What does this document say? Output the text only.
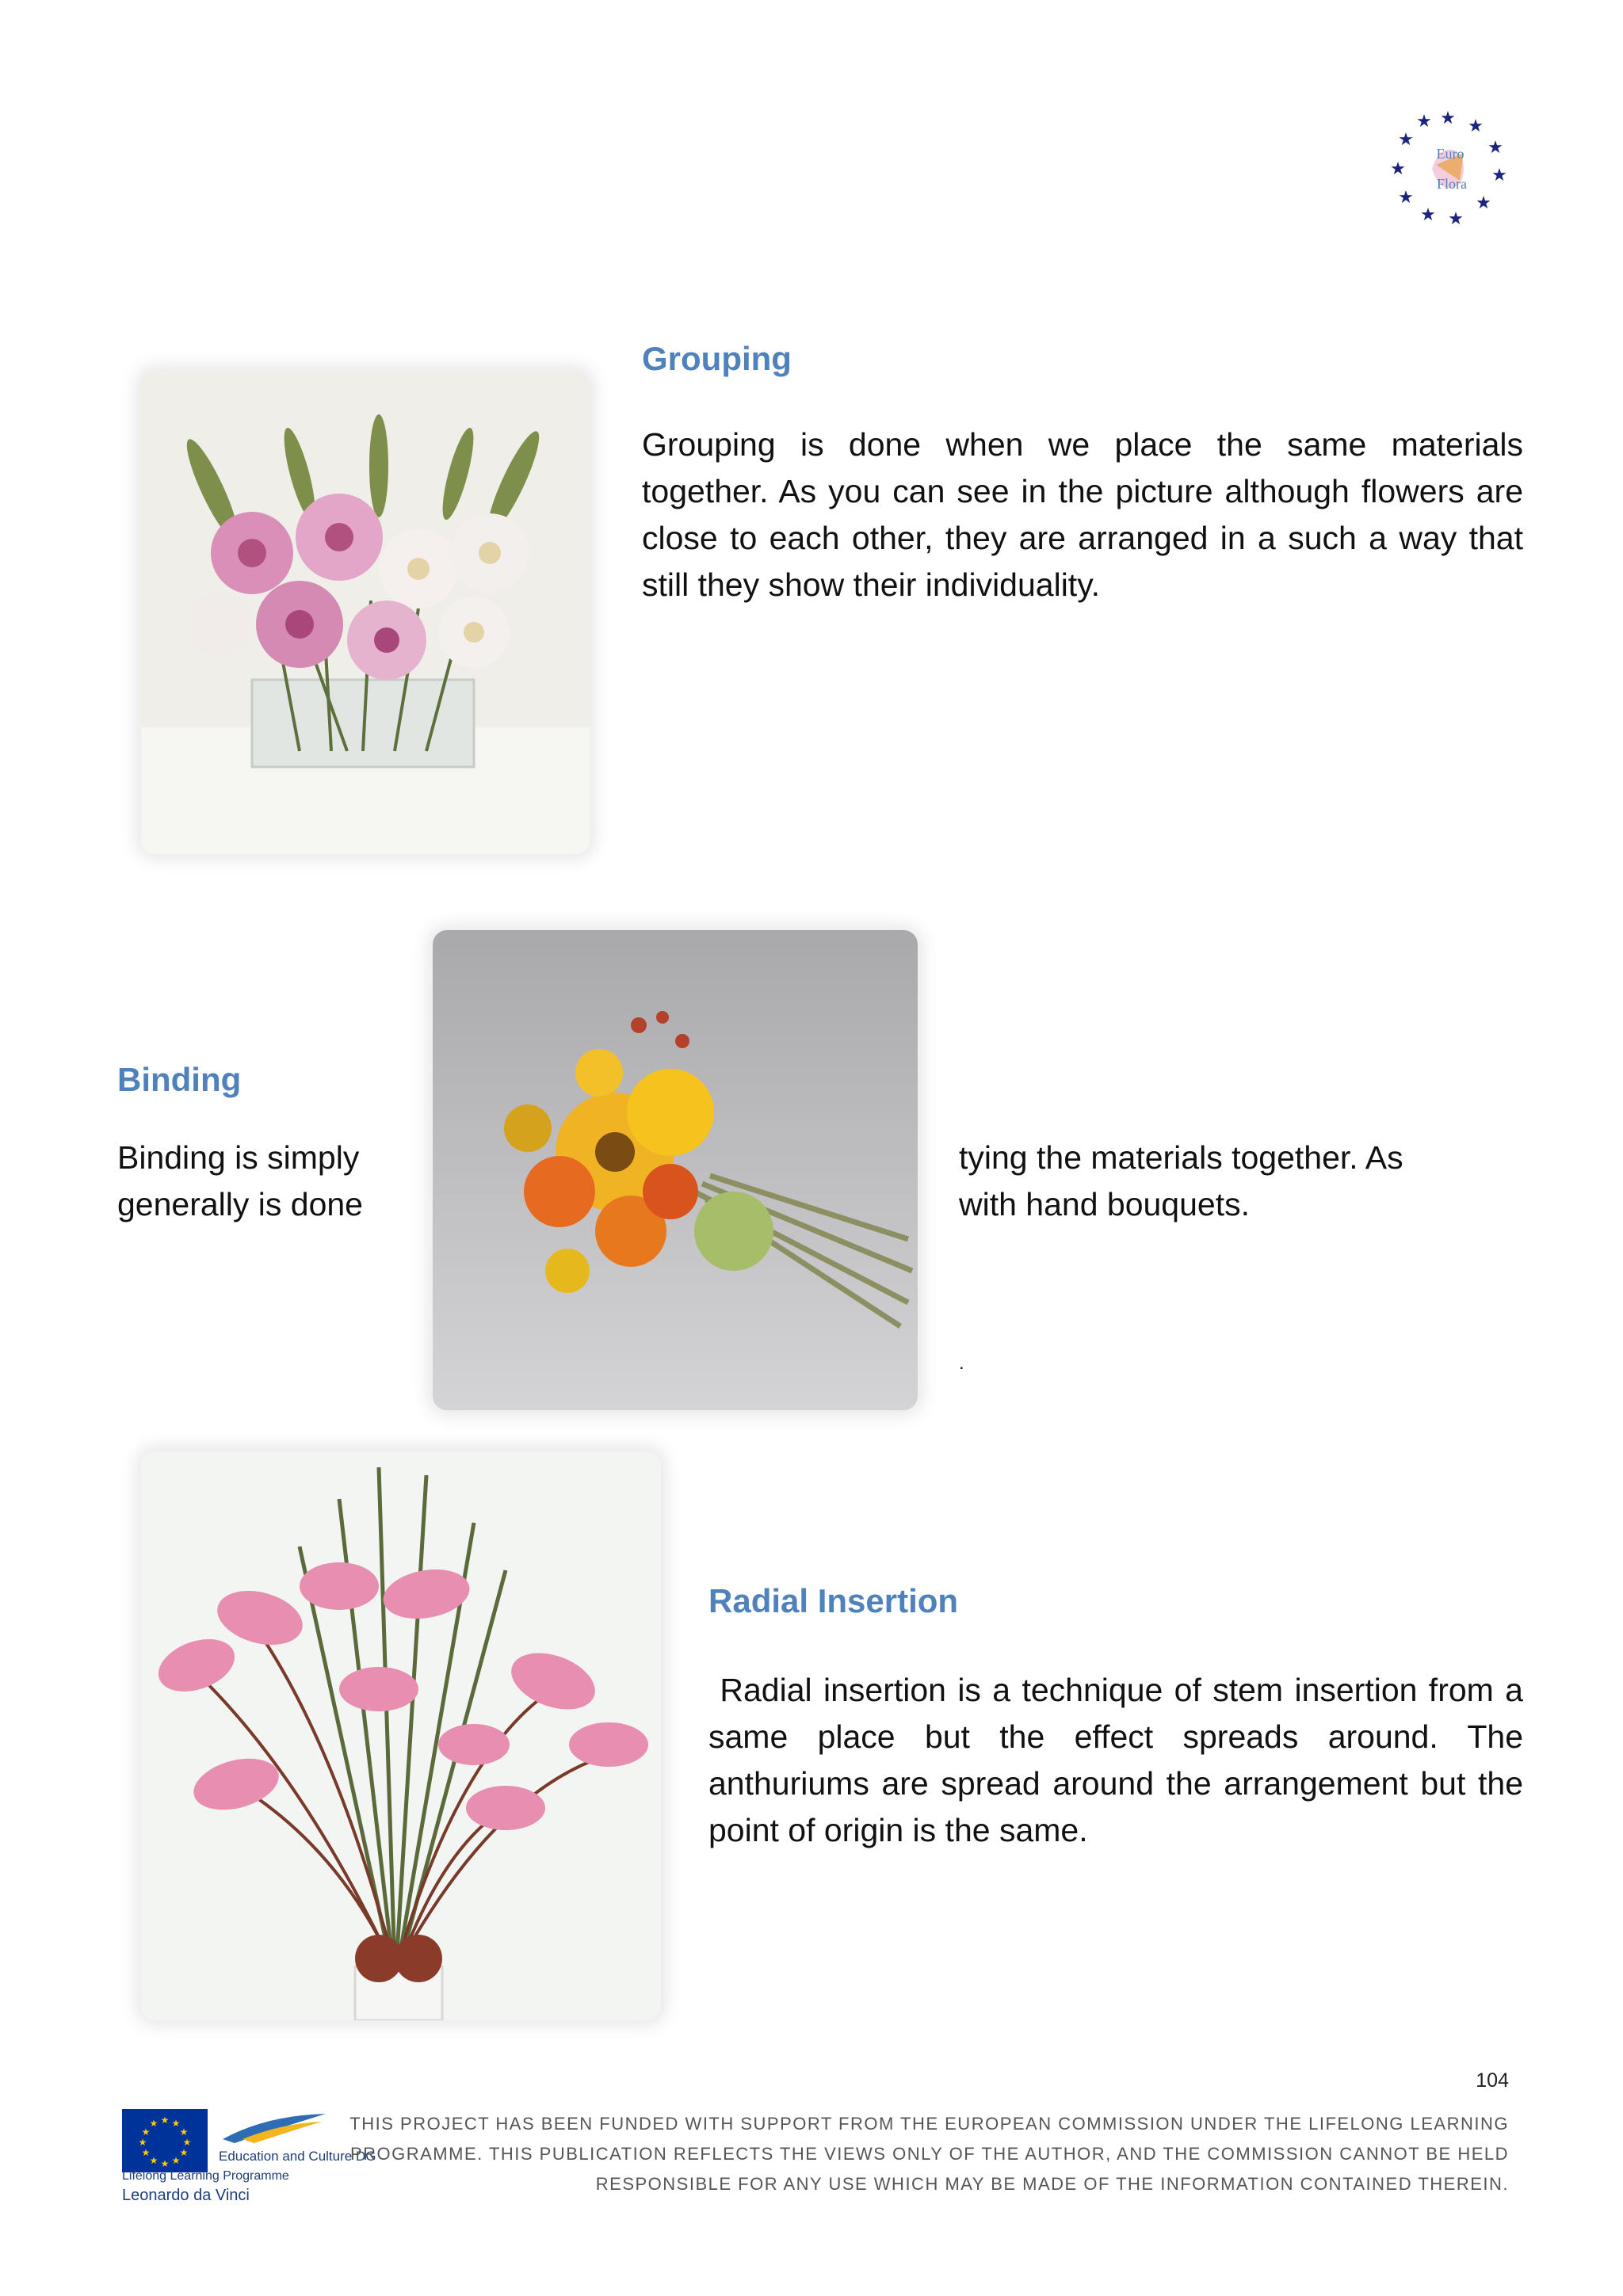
★ ★
★
★
★
★
★
★
★
★
★
Euro
Flora
Grouping

Grouping is done when we place the same materials together. As you can see in the picture although flowers are close to each other, they are arranged in a such a way that still they show their individuality.

Binding

Binding is simply

generally is done

tying the materials together. As

with hand bouquets.

.

Radial Insertion

Radial insertion is a technique of stem insertion from a same place but the effect spreads around. The anthuriums are spread around the arrangement but the point of origin is the same.

104
★ ★
★
★
★
★
★
★
★
★
★
★
Education and Culture DG
Lifelong Learning Programme
Leonardo da Vinci
THIS PROJECT HAS BEEN FUNDED WITH SUPPORT FROM THE EUROPEAN COMMISSION UNDER THE LIFELONG LEARNING
PROGRAMME. THIS PUBLICATION REFLECTS THE VIEWS ONLY OF THE AUTHOR, AND THE COMMISSION CANNOT BE HELD
RESPONSIBLE FOR ANY USE WHICH MAY BE MADE OF THE INFORMATION CONTAINED THEREIN.
